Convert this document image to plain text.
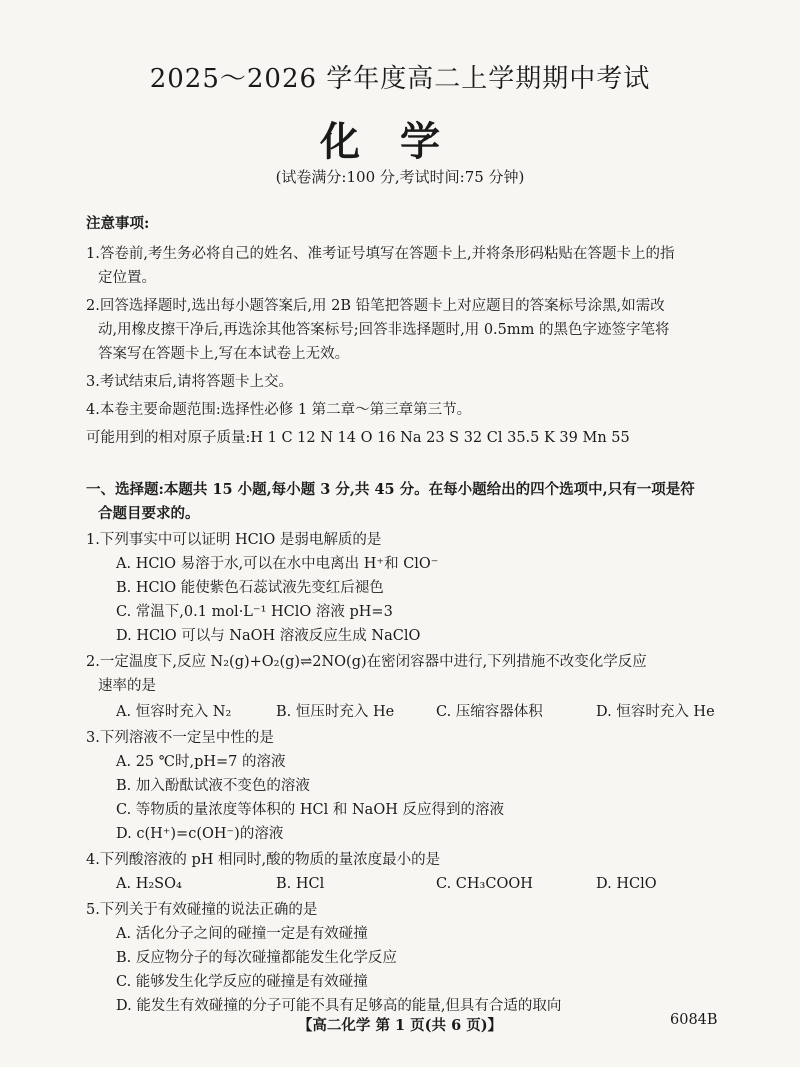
2025～2026 学年度高二上学期期中考试
化学
(试卷满分:100 分,考试时间:75 分钟)
注意事项:
1.答卷前,考生务必将自己的姓名、准考证号填写在答题卡上,并将条形码粘贴在答题卡上的指
定位置。
2.回答选择题时,选出每小题答案后,用 2B 铅笔把答题卡上对应题目的答案标号涂黑,如需改
动,用橡皮擦干净后,再选涂其他答案标号;回答非选择题时,用 0.5mm 的黑色字迹签字笔将
答案写在答题卡上,写在本试卷上无效。
3.考试结束后,请将答题卡上交。
4.本卷主要命题范围:选择性必修 1 第二章～第三章第三节。
可能用到的相对原子质量:H 1 C 12 N 14 O 16 Na 23 S 32 Cl 35.5 K 39 Mn 55
一、选择题:本题共 15 小题,每小题 3 分,共 45 分。在每小题给出的四个选项中,只有一项是符
合题目要求的。
1.下列事实中可以证明 HClO 是弱电解质的是
A. HClO 易溶于水,可以在水中电离出 H⁺和 ClO⁻
B. HClO 能使紫色石蕊试液先变红后褪色
C. 常温下,0.1 mol·L⁻¹ HClO 溶液 pH=3
D. HClO 可以与 NaOH 溶液反应生成 NaClO
2.一定温度下,反应 N₂(g)+O₂(g)⇌2NO(g)在密闭容器中进行,下列措施不改变化学反应
速率的是
A. 恒容时充入 N₂	B. 恒压时充入 He	C. 压缩容器体积	D. 恒容时充入 He
3.下列溶液不一定呈中性的是
A. 25 ℃时,pH=7 的溶液
B. 加入酚酞试液不变色的溶液
C. 等物质的量浓度等体积的 HCl 和 NaOH 反应得到的溶液
D. c(H⁺)=c(OH⁻)的溶液
4.下列酸溶液的 pH 相同时,酸的物质的量浓度最小的是
A. H₂SO₄	B. HCl	C. CH₃COOH	D. HClO
5.下列关于有效碰撞的说法正确的是
A. 活化分子之间的碰撞一定是有效碰撞
B. 反应物分子的每次碰撞都能发生化学反应
C. 能够发生化学反应的碰撞是有效碰撞
D. 能发生有效碰撞的分子可能不具有足够高的能量,但具有合适的取向
【高二化学 第 1 页(共 6 页)】	6084B
